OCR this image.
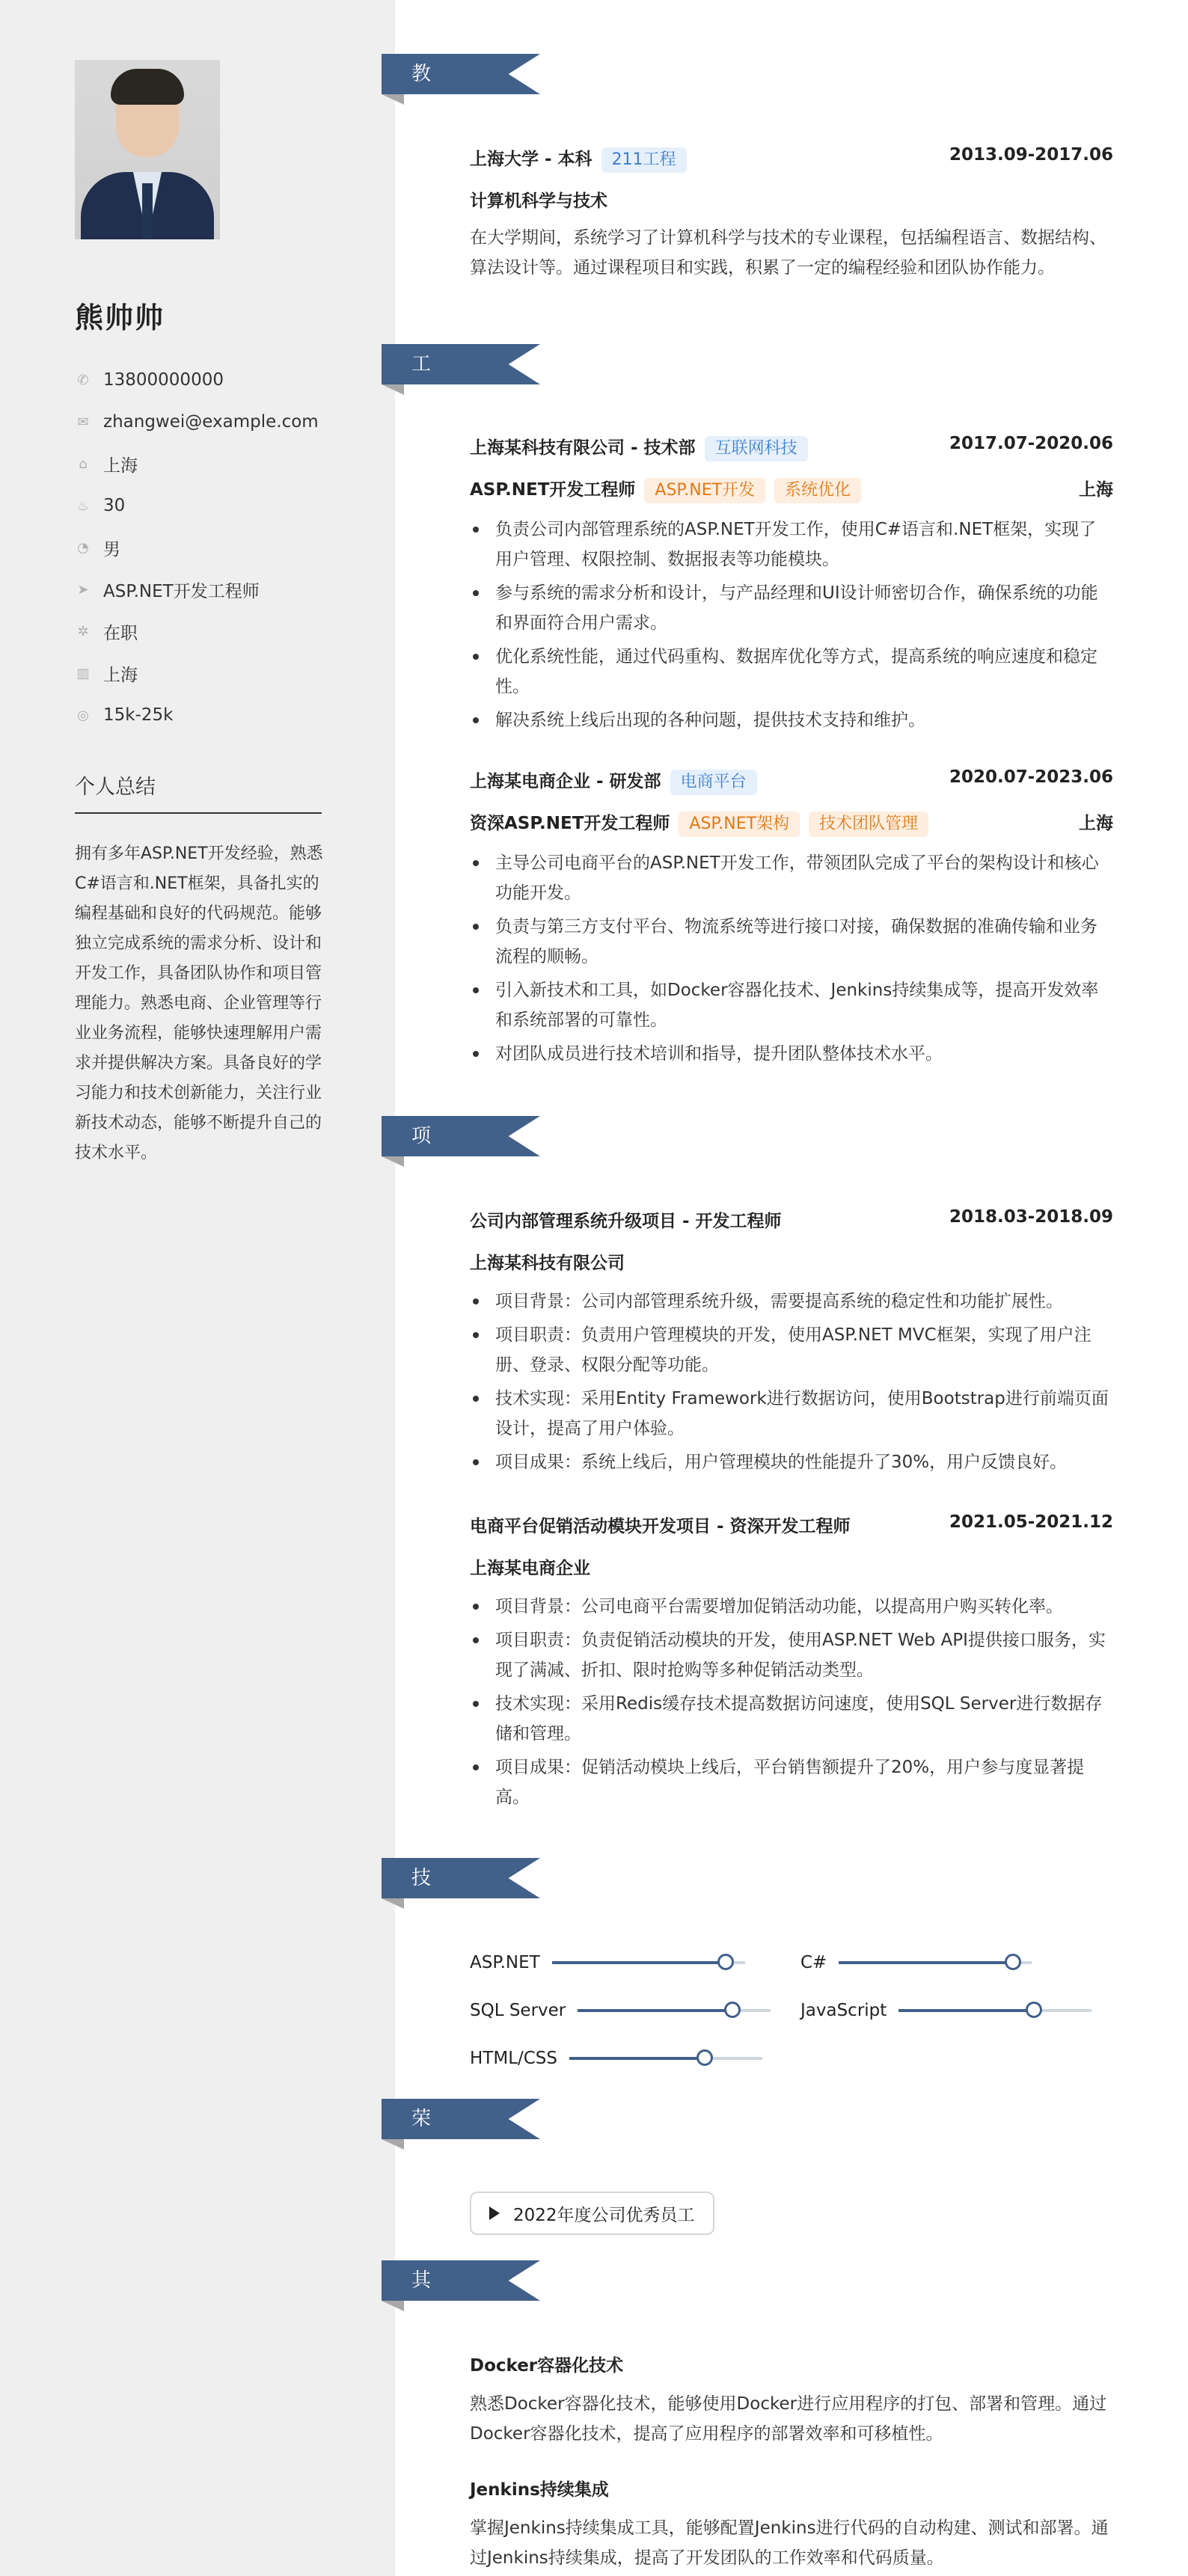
熊帅帅
✆ 13800000000
✉ zhangwei@example.com
⌂ 上海
♨ 30
◔ 男
➤ ASP.NET开发工程师
✲ 在职
▥ 上海
◎ 15k-25k
个人总结
拥有多年ASP.NET开发经验，熟悉C#语言和.NET框架，具备扎实的编程基础和良好的代码规范。能够独立完成系统的需求分析、设计和开发工作，具备团队协作和项目管理能力。熟悉电商、企业管理等行业业务流程，能够快速理解用户需求并提供解决方案。具备良好的学习能力和技术创新能力，关注行业新技术动态，能够不断提升自己的技术水平。
教育经历
上海大学 - 本科 211工程	2013.09-2017.06
计算机科学与技术
在大学期间，系统学习了计算机科学与技术的专业课程，包括编程语言、数据结构、算法设计等。通过课程项目和实践，积累了一定的编程经验和团队协作能力。
工作经历
上海某科技有限公司 - 技术部 互联网科技	2017.07-2020.06
ASP.NET开发工程师 ASP.NET开发 系统优化	上海
负责公司内部管理系统的ASP.NET开发工作，使用C#语言和.NET框架，实现了用户管理、权限控制、数据报表等功能模块。
参与系统的需求分析和设计，与产品经理和UI设计师密切合作，确保系统的功能和界面符合用户需求。
优化系统性能，通过代码重构、数据库优化等方式，提高系统的响应速度和稳定性。
解决系统上线后出现的各种问题，提供技术支持和维护。
上海某电商企业 - 研发部 电商平台	2020.07-2023.06
资深ASP.NET开发工程师 ASP.NET架构 技术团队管理	上海
主导公司电商平台的ASP.NET开发工作，带领团队完成了平台的架构设计和核心功能开发。
负责与第三方支付平台、物流系统等进行接口对接，确保数据的准确传输和业务流程的顺畅。
引入新技术和工具，如Docker容器化技术、Jenkins持续集成等，提高开发效率和系统部署的可靠性。
对团队成员进行技术培训和指导，提升团队整体技术水平。
项目经历
公司内部管理系统升级项目 - 开发工程师	2018.03-2018.09
上海某科技有限公司
项目背景：公司内部管理系统升级，需要提高系统的稳定性和功能扩展性。
项目职责：负责用户管理模块的开发，使用ASP.NET MVC框架，实现了用户注册、登录、权限分配等功能。
技术实现：采用Entity Framework进行数据访问，使用Bootstrap进行前端页面设计，提高了用户体验。
项目成果：系统上线后，用户管理模块的性能提升了30%，用户反馈良好。
电商平台促销活动模块开发项目 - 资深开发工程师	2021.05-2021.12
上海某电商企业
项目背景：公司电商平台需要增加促销活动功能，以提高用户购买转化率。
项目职责：负责促销活动模块的开发，使用ASP.NET Web API提供接口服务，实现了满减、折扣、限时抢购等多种促销活动类型。
技术实现：采用Redis缓存技术提高数据访问速度，使用SQL Server进行数据存储和管理。
项目成果：促销活动模块上线后，平台销售额提升了20%，用户参与度显著提高。
技能专长
ASP.NET	C#
SQL Server	JavaScript
HTML/CSS
荣誉奖项
2022年度公司优秀员工
其他信息
Docker容器化技术
熟悉Docker容器化技术，能够使用Docker进行应用程序的打包、部署和管理。通过Docker容器化技术，提高了应用程序的部署效率和可移植性。
Jenkins持续集成
掌握Jenkins持续集成工具，能够配置Jenkins进行代码的自动构建、测试和部署。通过Jenkins持续集成，提高了开发团队的工作效率和代码质量。
